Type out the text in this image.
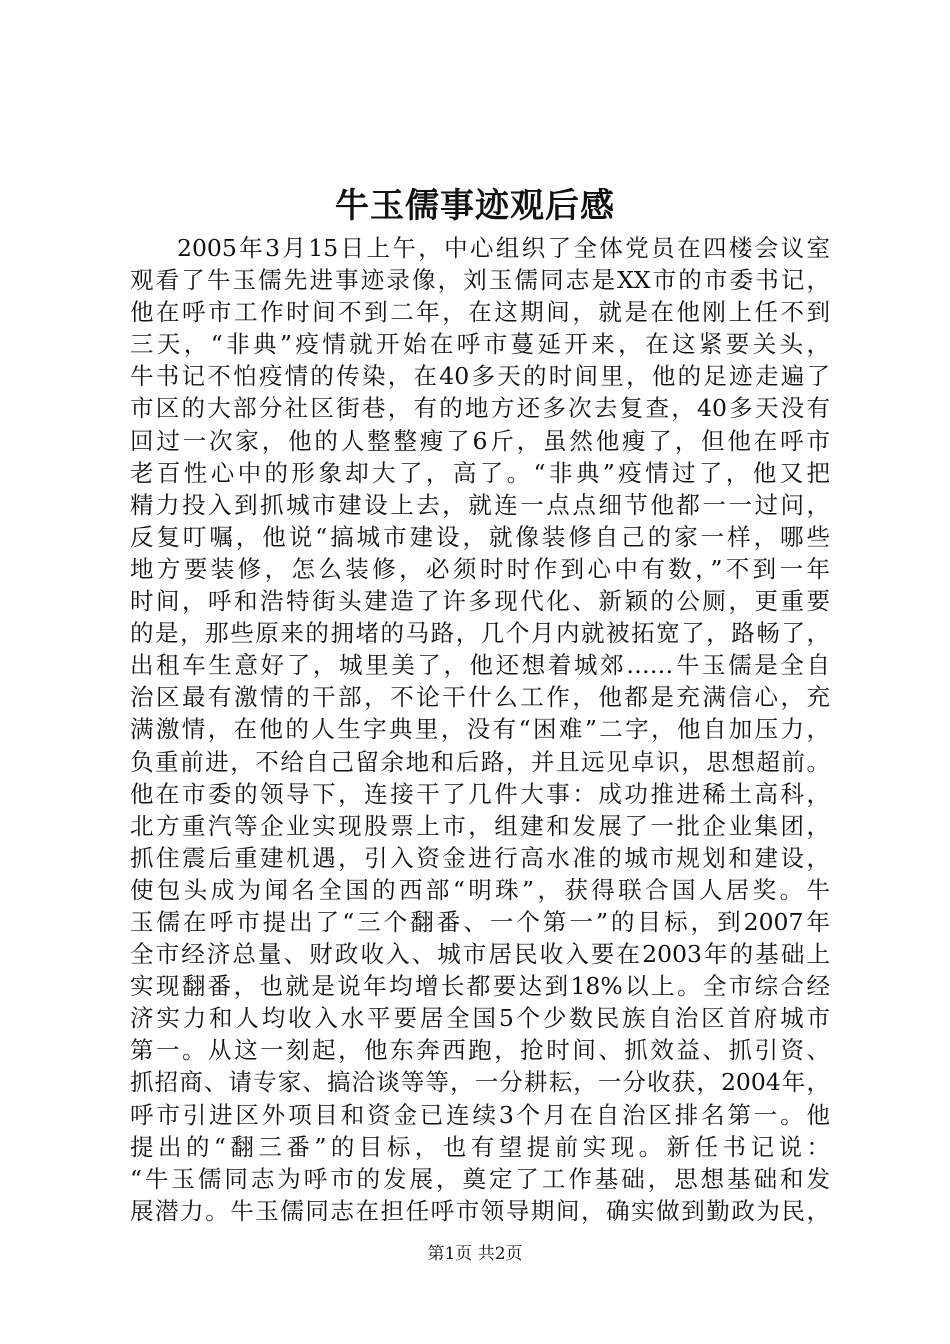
牛玉儒事迹观后感
2005年3月15日上午，中心组织了全体党员在四楼会议室
观看了牛玉儒先进事迹录像，刘玉儒同志是XX市的市委书记，
他在呼市工作时间不到二年，在这期间，就是在他刚上任不到
三天，“非典”疫情就开始在呼市蔓延开来，在这紧要关头，
牛书记不怕疫情的传染，在40多天的时间里，他的足迹走遍了
市区的大部分社区街巷，有的地方还多次去复查，40多天没有
回过一次家，他的人整整瘦了6斤，虽然他瘦了，但他在呼市
老百性心中的形象却大了，高了。“非典”疫情过了，他又把
精力投入到抓城市建设上去，就连一点点细节他都一一过问，
反复叮嘱，他说“搞城市建设，就像装修自己的家一样，哪些
地方要装修，怎么装修，必须时时作到心中有数，”不到一年
时间，呼和浩特街头建造了许多现代化、新颖的公厕，更重要
的是，那些原来的拥堵的马路，几个月内就被拓宽了，路畅了，
出租车生意好了，城里美了，他还想着城郊……牛玉儒是全自
治区最有激情的干部，不论干什么工作，他都是充满信心，充
满激情，在他的人生字典里，没有“困难”二字，他自加压力，
负重前进，不给自己留余地和后路，并且远见卓识，思想超前。
他在市委的领导下，连接干了几件大事：成功推进稀土高科，
北方重汽等企业实现股票上市，组建和发展了一批企业集团，
抓住震后重建机遇，引入资金进行高水准的城市规划和建设，
使包头成为闻名全国的西部“明珠”，获得联合国人居奖。牛
玉儒在呼市提出了“三个翻番、一个第一”的目标，到2007年
全市经济总量、财政收入、城市居民收入要在2003年的基础上
实现翻番，也就是说年均增长都要达到18%以上。全市综合经
济实力和人均收入水平要居全国5个少数民族自治区首府城市
第一。从这一刻起，他东奔西跑，抢时间、抓效益、抓引资、
抓招商、请专家、搞洽谈等等，一分耕耘，一分收获，2004年，
呼市引进区外项目和资金已连续3个月在自治区排名第一。他
提出的“翻三番”的目标，也有望提前实现。新任书记说：
“牛玉儒同志为呼市的发展，奠定了工作基础，思想基础和发
展潜力。牛玉儒同志在担任呼市领导期间，确实做到勤政为民，
第1页 共2页
